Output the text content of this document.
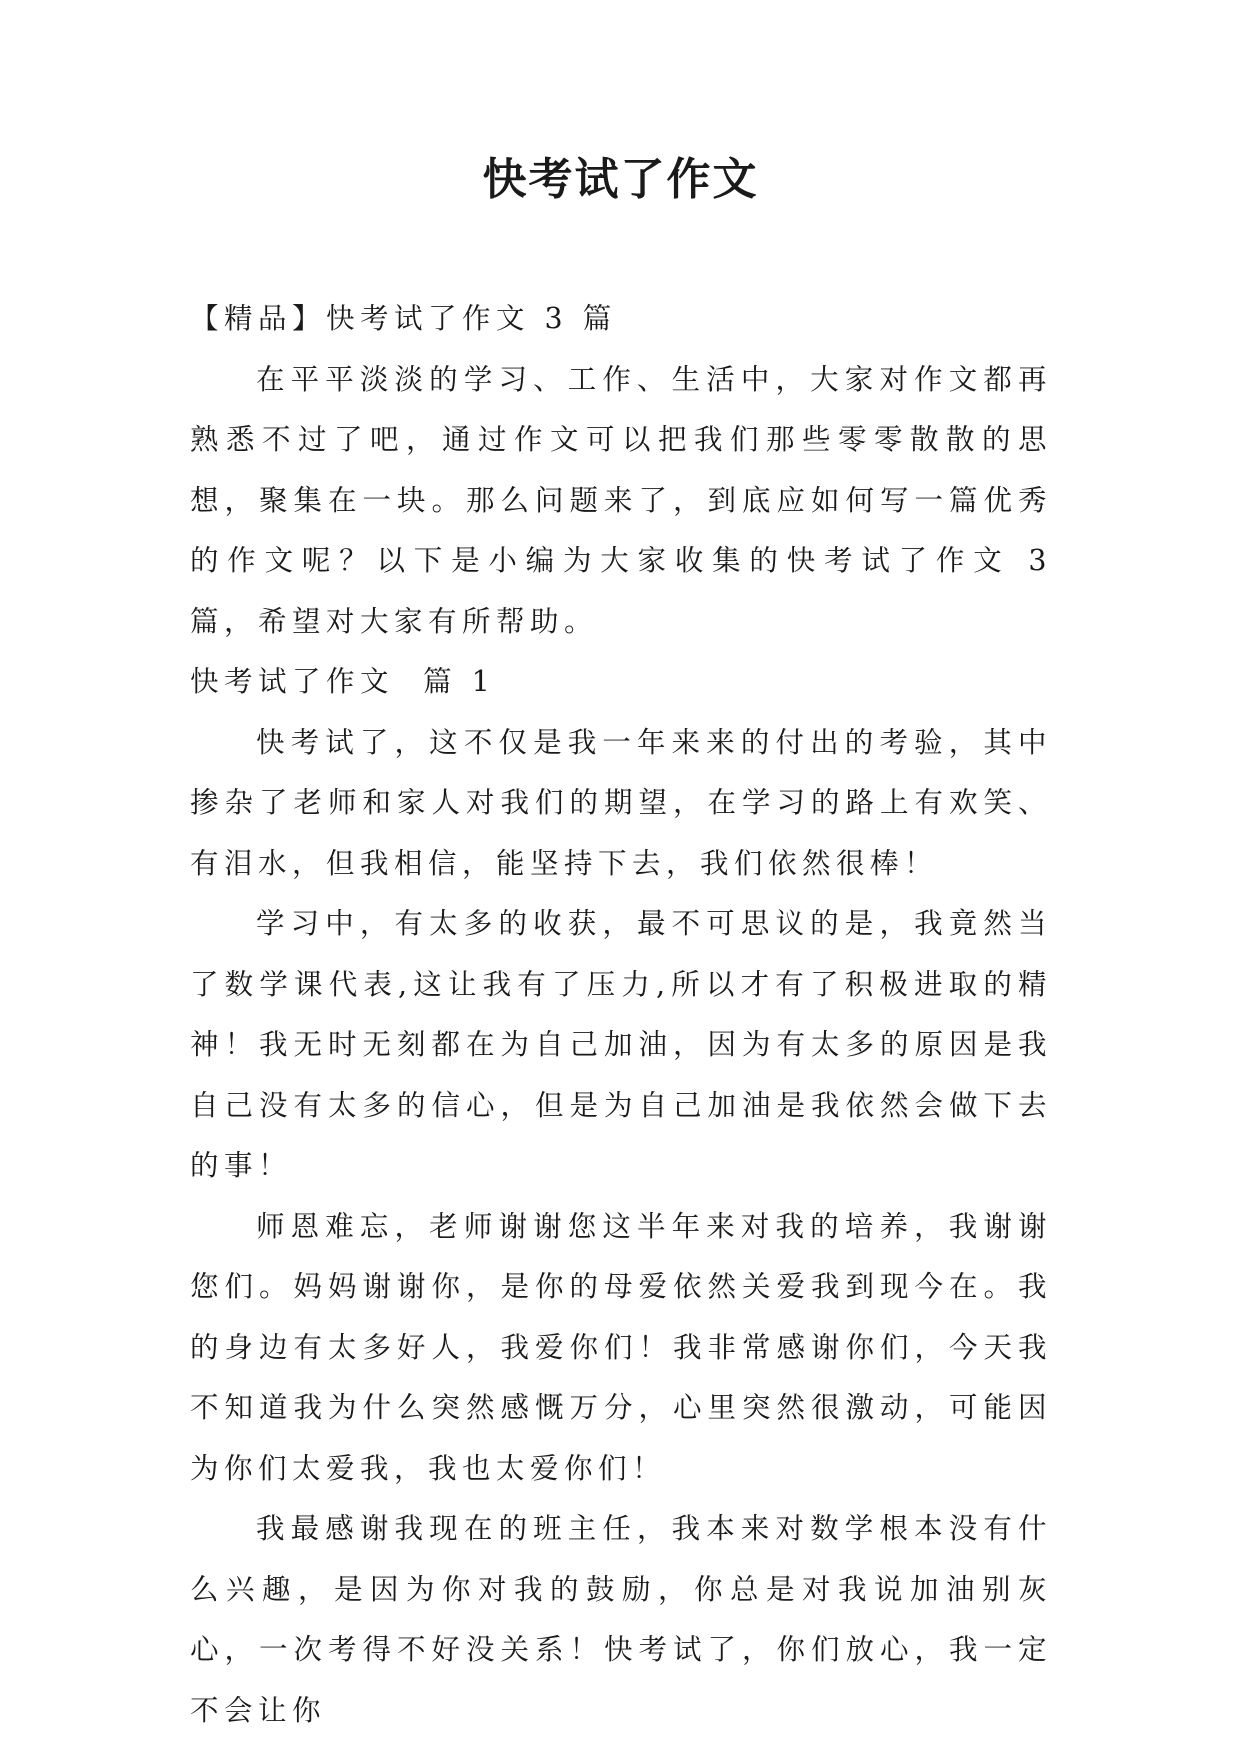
快考试了作文

【精品】快考试了作文 3 篇

在平平淡淡的学习、工作、生活中，大家对作文都再熟悉不过了吧，通过作文可以把我们那些零零散散的思想，聚集在一块。那么问题来了，到底应如何写一篇优秀的作文呢？以下是小编为大家收集的快考试了作文 3 篇，希望对大家有所帮助。

快考试了作文  篇 1

快考试了，这不仅是我一年来来的付出的考验，其中掺杂了老师和家人对我们的期望，在学习的路上有欢笑、有泪水，但我相信，能坚持下去，我们依然很棒！

学习中，有太多的收获，最不可思议的是，我竟然当了数学课代表,这让我有了压力,所以才有了积极进取的精神！我无时无刻都在为自己加油，因为有太多的原因是我自己没有太多的信心，但是为自己加油是我依然会做下去的事！

师恩难忘，老师谢谢您这半年来对我的培养，我谢谢您们。妈妈谢谢你，是你的母爱依然关爱我到现今在。我的身边有太多好人，我爱你们！我非常感谢你们，今天我不知道我为什么突然感慨万分，心里突然很激动，可能因为你们太爱我，我也太爱你们！

我最感谢我现在的班主任，我本来对数学根本没有什么兴趣，是因为你对我的鼓励，你总是对我说加油别灰心，一次考得不好没关系！快考试了，你们放心，我一定不会让你
